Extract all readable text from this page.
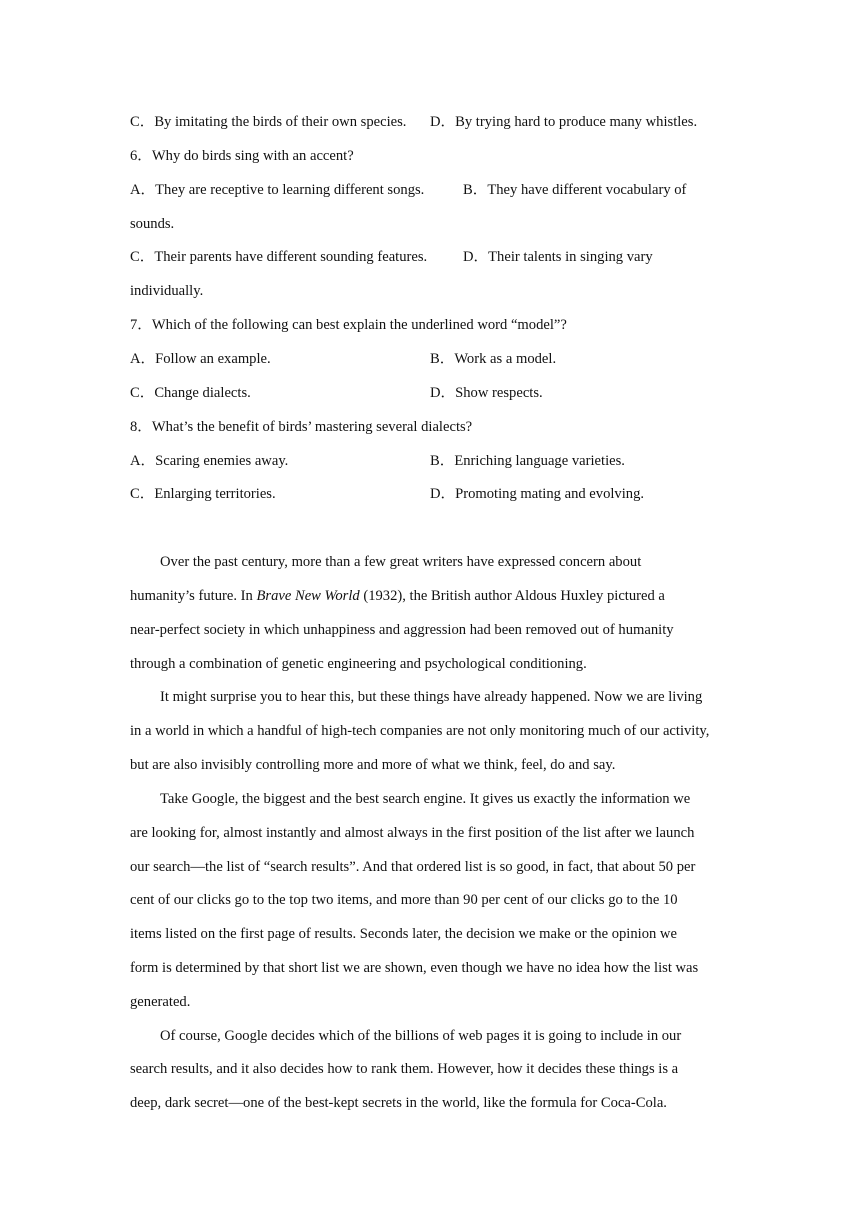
C．By imitating the birds of their own species. D．By trying hard to produce many whistles.
6．Why do birds sing with an accent?
A．They are receptive to learning different songs.	B．They have different vocabulary of
sounds.
C．Their parents have different sounding features. D．Their talents in singing vary
individually.
7．Which of the following can best explain the underlined word “model”?
A．Follow an example.	B．Work as a model.
C．Change dialects.	D．Show respects.
8．What’s the benefit of birds’ mastering several dialects?
A．Scaring enemies away.	B．Enriching language varieties.
C．Enlarging territories.	D．Promoting mating and evolving.
Over the past century, more than a few great writers have expressed concern about
humanity’s future. In Brave New World (1932), the British author Aldous Huxley pictured a
near-perfect society in which unhappiness and aggression had been removed out of humanity
through a combination of genetic engineering and psychological conditioning.
It might surprise you to hear this, but these things have already happened. Now we are living
in a world in which a handful of high-tech companies are not only monitoring much of our activity,
but are also invisibly controlling more and more of what we think, feel, do and say.
Take Google, the biggest and the best search engine. It gives us exactly the information we
are looking for, almost instantly and almost always in the first position of the list after we launch
our search—the list of “search results”. And that ordered list is so good, in fact, that about 50 per
cent of our clicks go to the top two items, and more than 90 per cent of our clicks go to the 10
items listed on the first page of results. Seconds later, the decision we make or the opinion we
form is determined by that short list we are shown, even though we have no idea how the list was
generated.
Of course, Google decides which of the billions of web pages it is going to include in our
search results, and it also decides how to rank them. However, how it decides these things is a
deep, dark secret—one of the best-kept secrets in the world, like the formula for Coca-Cola.
